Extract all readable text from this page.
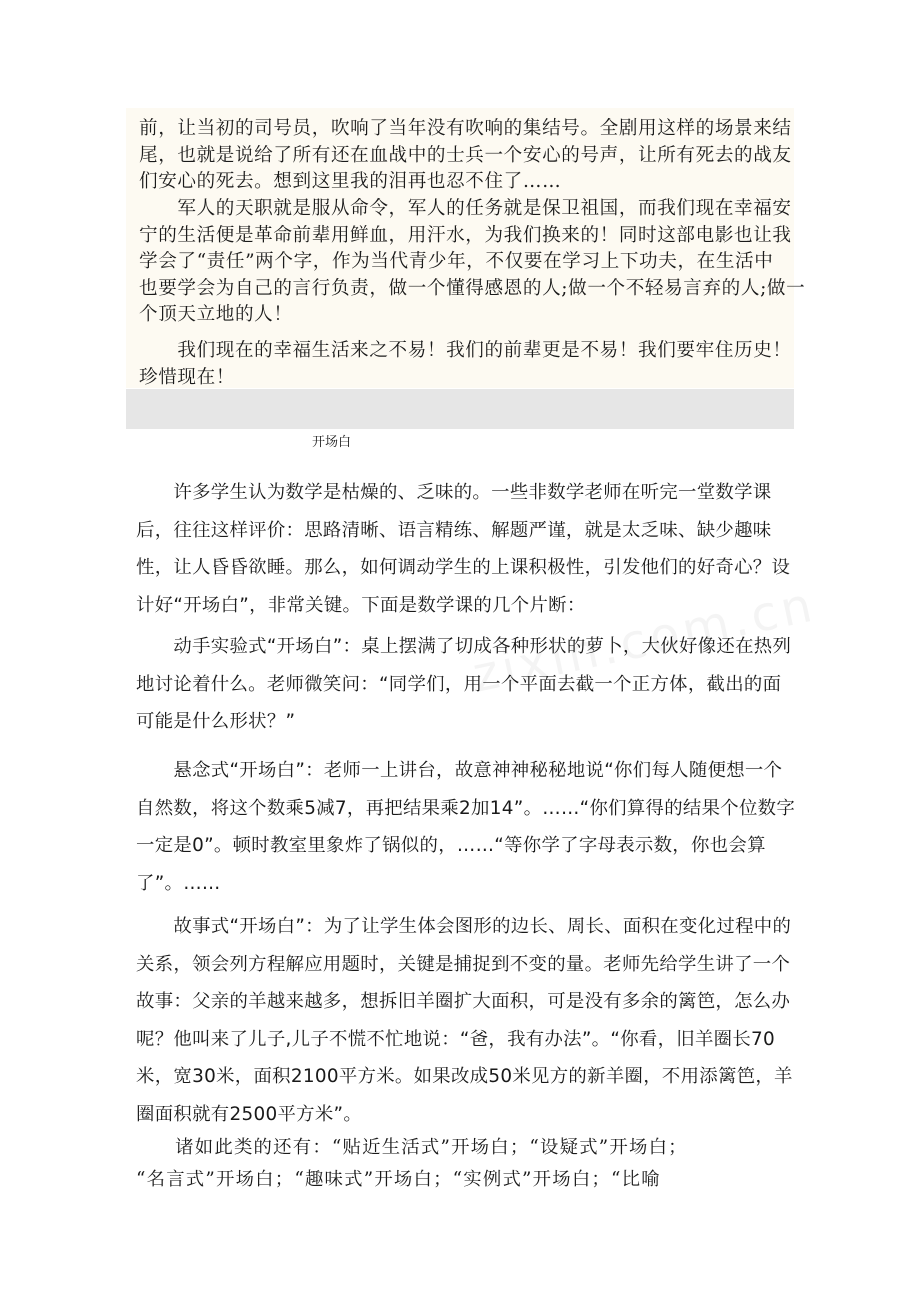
前，让当初的司号员，吹响了当年没有吹响的集结号。全剧用这样的场景来结
尾，也就是说给了所有还在血战中的士兵一个安心的号声，让所有死去的战友
们安心的死去。想到这里我的泪再也忍不住了……

　　军人的天职就是服从命令，军人的任务就是保卫祖国，而我们现在幸福安
宁的生活便是革命前辈用鲜血，用汗水，为我们换来的！同时这部电影也让我
学会了“责任”两个字，作为当代青少年，不仅要在学习上下功夫，在生活中
也要学会为自己的言行负责，做一个懂得感恩的人;做一个不轻易言弃的人;做一
个顶天立地的人！

　　我们现在的幸福生活来之不易！我们的前辈更是不易！我们要牢住历史！
珍惜现在！

开场白

　　许多学生认为数学是枯燥的、乏味的。一些非数学老师在听完一堂数学课
后，往往这样评价：思路清晰、语言精练、解题严谨，就是太乏味、缺少趣味
性，让人昏昏欲睡。那么，如何调动学生的上课积极性，引发他们的好奇心？设
计好“开场白”，非常关键。下面是数学课的几个片断：

　　动手实验式“开场白”：桌上摆满了切成各种形状的萝卜，大伙好像还在热列
地讨论着什么。老师微笑问：“同学们，用一个平面去截一个正方体，截出的面
可能是什么形状？”

　　悬念式“开场白”：老师一上讲台，故意神神秘秘地说“你们每人随便想一个
自然数，将这个数乘5减7，再把结果乘2加14”。……“你们算得的结果个位数字
一定是0”。顿时教室里象炸了锅似的，……“等你学了字母表示数，你也会算
了”。……

　　故事式“开场白”：为了让学生体会图形的边长、周长、面积在变化过程中的
关系，领会列方程解应用题时，关键是捕捉到不变的量。老师先给学生讲了一个
故事：父亲的羊越来越多，想拆旧羊圈扩大面积，可是没有多余的篱笆，怎么办
呢？他叫来了儿子,儿子不慌不忙地说：“爸，我有办法”。“你看，旧羊圈长70
米，宽30米，面积2100平方米。如果改成50米见方的新羊圈，不用添篱笆，羊
圈面积就有2500平方米”。

　　诸如此类的还有：“贴近生活式”开场白；“设疑式”开场白；
“名言式”开场白；“趣味式”开场白；“实例式”开场白；“比喻
